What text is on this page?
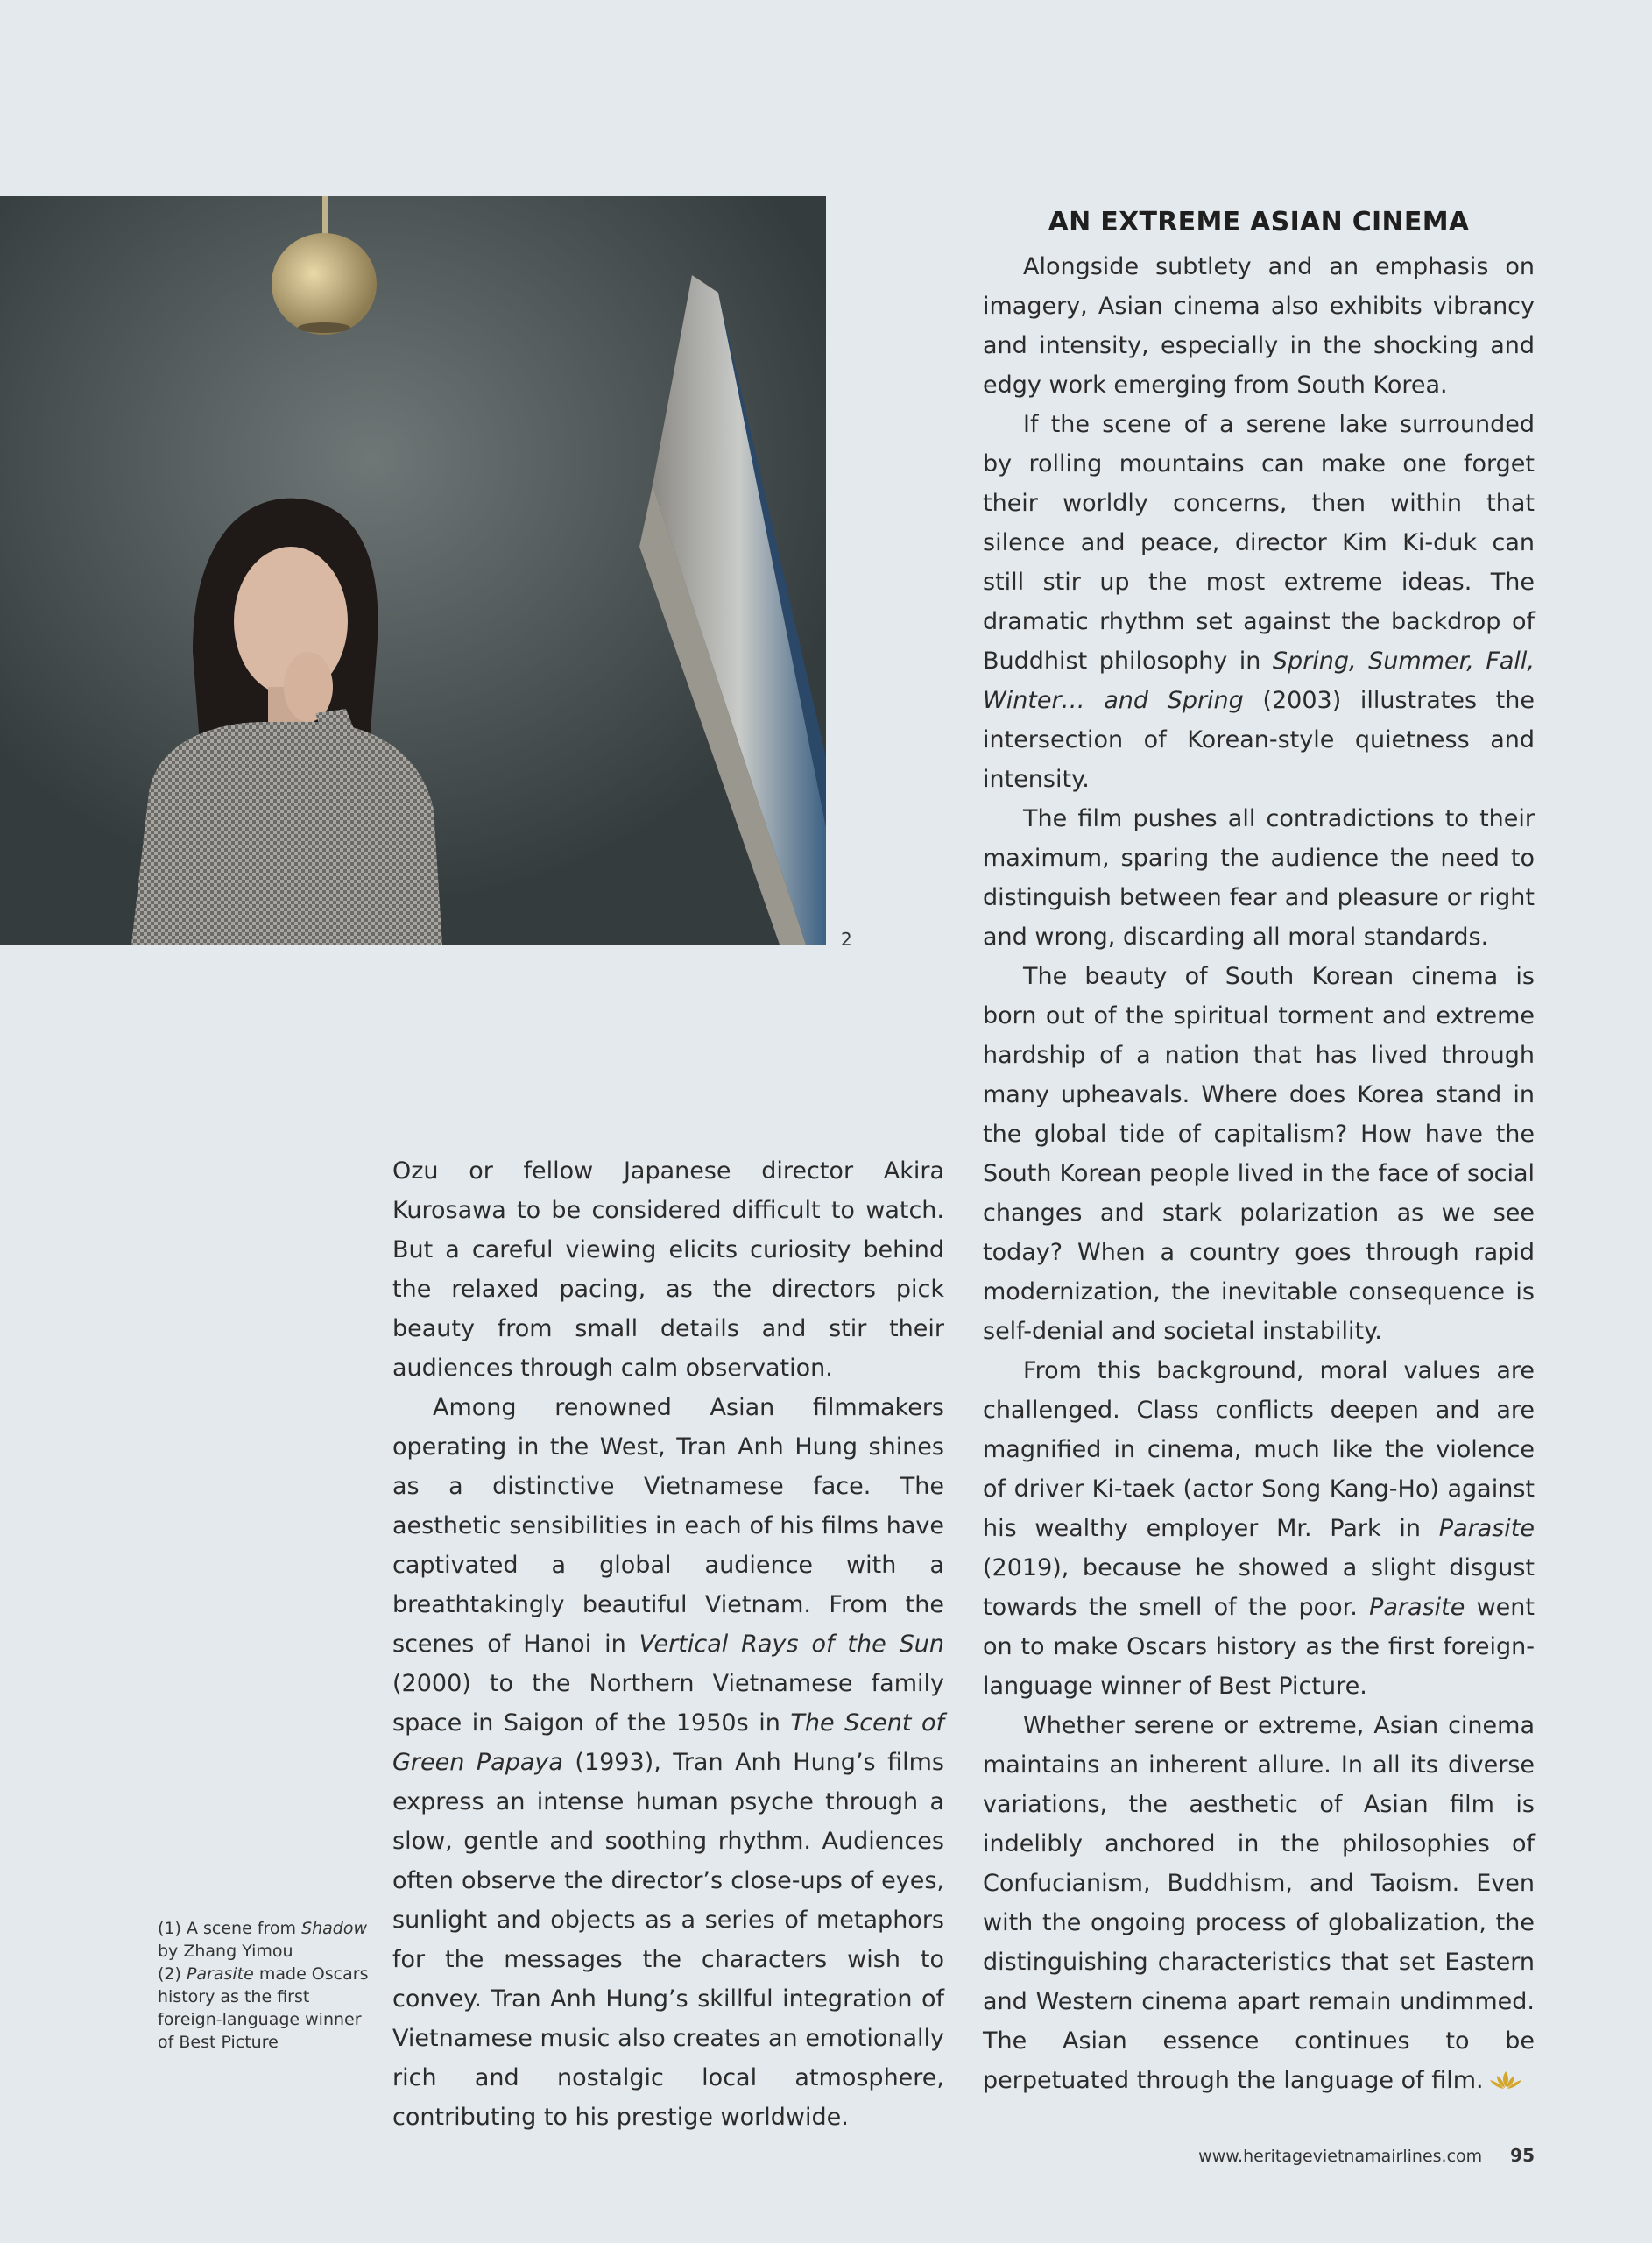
2
(1) A scene from Shadow by Zhang Yimou
(2) Parasite made Oscars history as the first foreign-language winner of Best Picture

Ozu or fellow Japanese director Akira Kurosawa to be considered difficult to watch. But a careful viewing elicits curiosity behind the relaxed pacing, as the directors pick beauty from small details and stir their audiences through calm observation.

Among renowned Asian filmmakers operating in the West, Tran Anh Hung shines as a distinctive Vietnamese face. The aesthetic sensibilities in each of his films have captivated a global audience with a breathtakingly beautiful Vietnam. From the scenes of Hanoi in Vertical Rays of the Sun (2000) to the Northern Vietnamese family space in Saigon of the 1950s in The Scent of Green Papaya (1993), Tran Anh Hung’s films express an intense human psyche through a slow, gentle and soothing rhythm. Audiences often observe the director’s close-ups of eyes, sunlight and objects as a series of metaphors for the messages the characters wish to convey. Tran Anh Hung’s skillful integration of Vietnamese music also creates an emotionally rich and nostalgic local atmosphere, contributing to his prestige worldwide.

AN EXTREME ASIAN CINEMA

Alongside subtlety and an emphasis on imagery, Asian cinema also exhibits vibrancy and intensity, especially in the shocking and edgy work emerging from South Korea.

If the scene of a serene lake surrounded by rolling mountains can make one forget their worldly concerns, then within that silence and peace, director Kim Ki-duk can still stir up the most extreme ideas. The dramatic rhythm set against the backdrop of Buddhist philosophy in Spring, Summer, Fall, Winter… and Spring (2003) illustrates the intersection of Korean-style quietness and intensity.

The film pushes all contradictions to their maximum, sparing the audience the need to distinguish between fear and pleasure or right and wrong, discarding all moral standards.

The beauty of South Korean cinema is born out of the spiritual torment and extreme hardship of a nation that has lived through many upheavals. Where does Korea stand in the global tide of capitalism? How have the South Korean people lived in the face of social changes and stark polarization as we see today? When a country goes through rapid modernization, the inevitable consequence is self-denial and societal instability.

From this background, moral values are challenged. Class conflicts deepen and are magnified in cinema, much like the violence of driver Ki-taek (actor Song Kang-Ho) against his wealthy employer Mr. Park in Parasite (2019), because he showed a slight disgust towards the smell of the poor. Parasite went on to make Oscars history as the first foreign-language winner of Best Picture.

Whether serene or extreme, Asian cinema maintains an inherent allure. In all its diverse variations, the aesthetic of Asian film is indelibly anchored in the philosophies of Confucianism, Buddhism, and Taoism. Even with the ongoing process of globalization, the distinguishing characteristics that set Eastern and Western cinema apart remain undimmed. The Asian essence continues to be perpetuated through the language of film.

www.heritagevietnamairlines.com 95
